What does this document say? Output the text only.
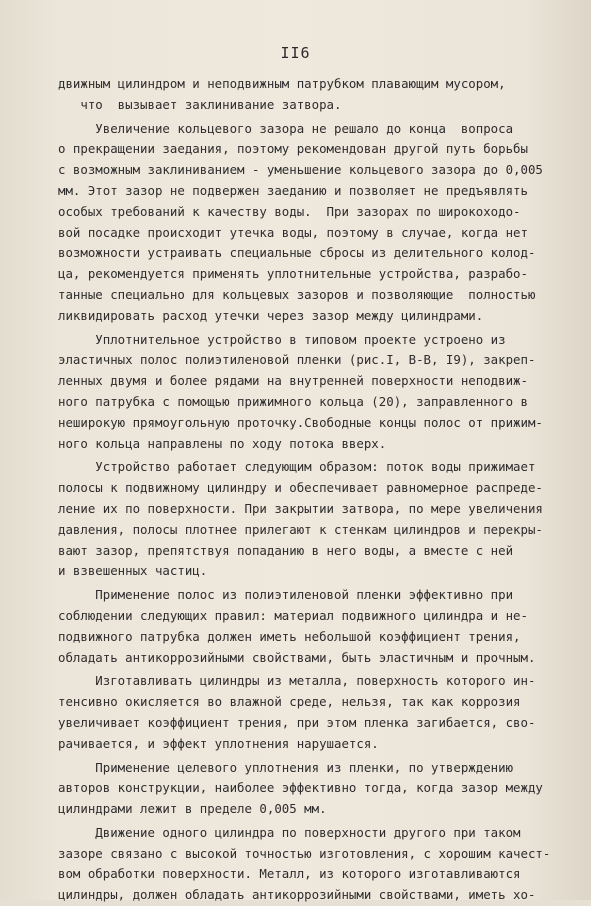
II6
движным цилиндром и неподвижным патрубком плавающим мусором,
что  вызывает заклинивание затвора.
Увеличение кольцевого зазора не решало до конца  вопроса
о прекращении заедания, поэтому рекомендован другой путь борьбы
с возможным заклиниванием - уменьшение кольцевого зазора до 0,005
мм. Этот зазор не подвержен заеданию и позволяет не предъявлять
особых требований к качеству воды.  При зазорах по широкоходо-
вой посадке происходит утечка воды, поэтому в случае, когда нет
возможности устраивать специальные сбросы из делительного колод-
ца, рекомендуется применять уплотнительные устройства, разрабо-
танные специально для кольцевых зазоров и позволяющие  полностью
ликвидировать расход утечки через зазор между цилиндрами.
Уплотнительное устройство в типовом проекте устроено из
эластичных полос полиэтиленовой пленки (рис.I, В-В, I9), закреп-
ленных двумя и более рядами на внутренней поверхности неподвиж-
ного патрубка с помощью прижимного кольца (20), заправленного в
неширокую прямоугольную проточку.Свободные концы полос от прижим-
ного кольца направлены по ходу потока вверх.
Устройство работает следующим образом: поток воды прижимает
полосы к подвижному цилиндру и обеспечивает равномерное распреде-
ление их по поверхности. При закрытии затвора, по мере увеличения
давления, полосы плотнее прилегают к стенкам цилиндров и перекры-
вают зазор, препятствуя попаданию в него воды, а вместе с ней
и взвешенных частиц.
Применение полос из полиэтиленовой пленки эффективно при
соблюдении следующих правил: материал подвижного цилиндра и не-
подвижного патрубка должен иметь небольшой коэффициент трения,
обладать антикоррозийными свойствами, быть эластичным и прочным.
Изготавливать цилиндры из металла, поверхность которого ин-
тенсивно окисляется во влажной среде, нельзя, так как коррозия
увеличивает коэффициент трения, при этом пленка загибается, сво-
рачивается, и эффект уплотнения нарушается.
Применение целевого уплотнения из пленки, по утверждению
авторов конструкции, наиболее эффективно тогда, когда зазор между
цилиндрами лежит в пределе 0,005 мм.
Движение одного цилиндра по поверхности другого при таком
зазоре связано с высокой точностью изготовления, с хорошим качест-
вом обработки поверхности. Металл, из которого изготавливаются
цилиндры, должен обладать антикоррозийными свойствами, иметь хо-
